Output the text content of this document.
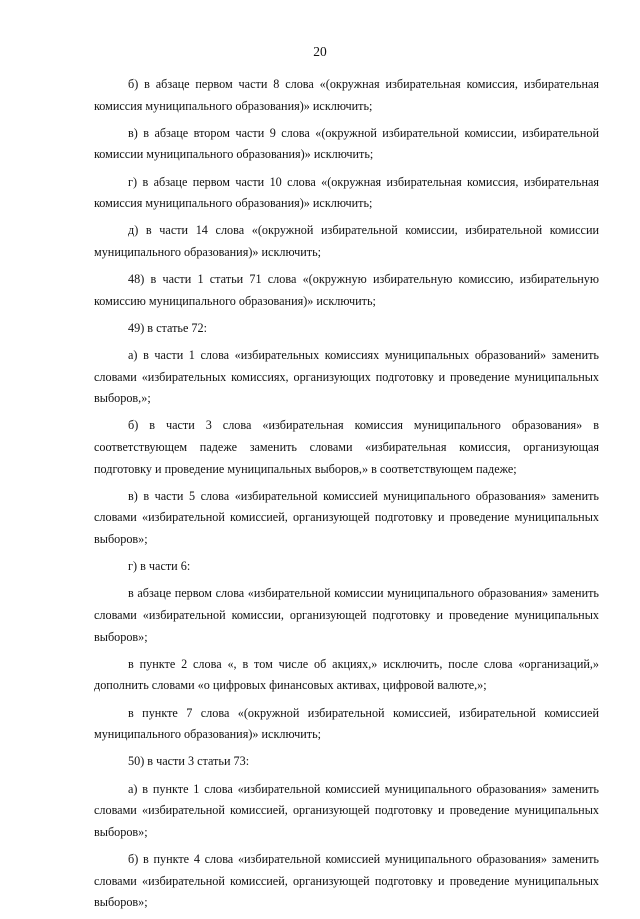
20

б) в абзаце первом части 8 слова «(окружная избирательная комиссия, избирательная комиссия муниципального образования)» исключить;

в) в абзаце втором части 9 слова «(окружной избирательной комиссии, избирательной комиссии муниципального образования)» исключить;

г) в абзаце первом части 10 слова «(окружная избирательная комиссия, избирательная комиссия муниципального образования)» исключить;

д) в части 14 слова «(окружной избирательной комиссии, избирательной комиссии муниципального образования)» исключить;

48) в части 1 статьи 71 слова «(окружную избирательную комиссию, избирательную комиссию муниципального образования)» исключить;

49) в статье 72:

а) в части 1 слова «избирательных комиссиях муниципальных образований» заменить словами «избирательных комиссиях, организующих подготовку и проведение муниципальных выборов,»;

б) в части 3 слова «избирательная комиссия муниципального образования» в соответствующем падеже заменить словами «избирательная комиссия, организующая подготовку и проведение муниципальных выборов,» в соответствующем падеже;

в) в части 5 слова «избирательной комиссией муниципального образования» заменить словами «избирательной комиссией, организующей подготовку и проведение муниципальных выборов»;

г) в части 6:

в абзаце первом слова «избирательной комиссии муниципального образования» заменить словами «избирательной комиссии, организующей подготовку и проведение муниципальных выборов»;

в пункте 2 слова «, в том числе об акциях,» исключить, после слова «организаций,» дополнить словами «о цифровых финансовых активах, цифровой валюте,»;

в пункте 7 слова «(окружной избирательной комиссией, избирательной комиссией муниципального образования)» исключить;

50) в части 3 статьи 73:

а) в пункте 1 слова «избирательной комиссией муниципального образования» заменить словами «избирательной комиссией, организующей подготовку и проведение муниципальных выборов»;

б) в пункте 4 слова «избирательной комиссией муниципального образования» заменить словами «избирательной комиссией, организующей подготовку и проведение муниципальных выборов»;
